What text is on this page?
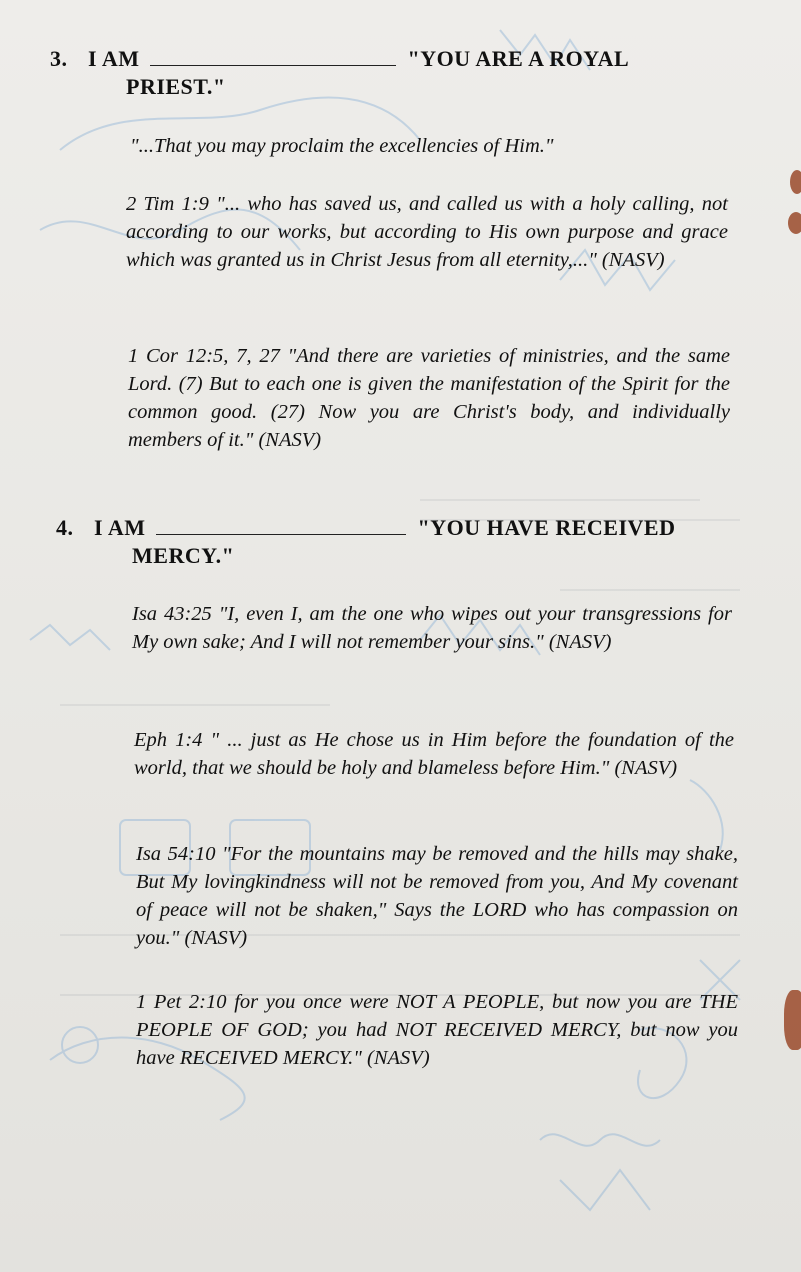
3. I AM	"YOU ARE A ROYAL
PRIEST."
"...That you may proclaim the excellencies of Him."
2 Tim 1:9 "... who has saved us, and called us with a holy calling, not according to our works, but according to His own purpose and grace which was granted us in Christ Jesus from all eternity,..." (NASV)
1 Cor 12:5, 7, 27 "And there are varieties of ministries, and the same Lord. (7) But to each one is given the manifestation of the Spirit for the common good. (27) Now you are Christ's body, and individually members of it." (NASV)
4. I AM	"YOU HAVE RECEIVED
MERCY."
Isa 43:25 "I, even I, am the one who wipes out your transgressions for My own sake; And I will not remember your sins." (NASV)
Eph 1:4 " ... just as He chose us in Him before the foundation of the world, that we should be holy and blameless before Him." (NASV)
Isa 54:10 "For the mountains may be removed and the hills may shake, But My lovingkindness will not be removed from you, And My covenant of peace will not be shaken," Says the LORD who has compassion on you." (NASV)
1 Pet 2:10 for you once were NOT A PEOPLE, but now you are THE PEOPLE OF GOD; you had NOT RECEIVED MERCY, but now you have RECEIVED MERCY." (NASV)
